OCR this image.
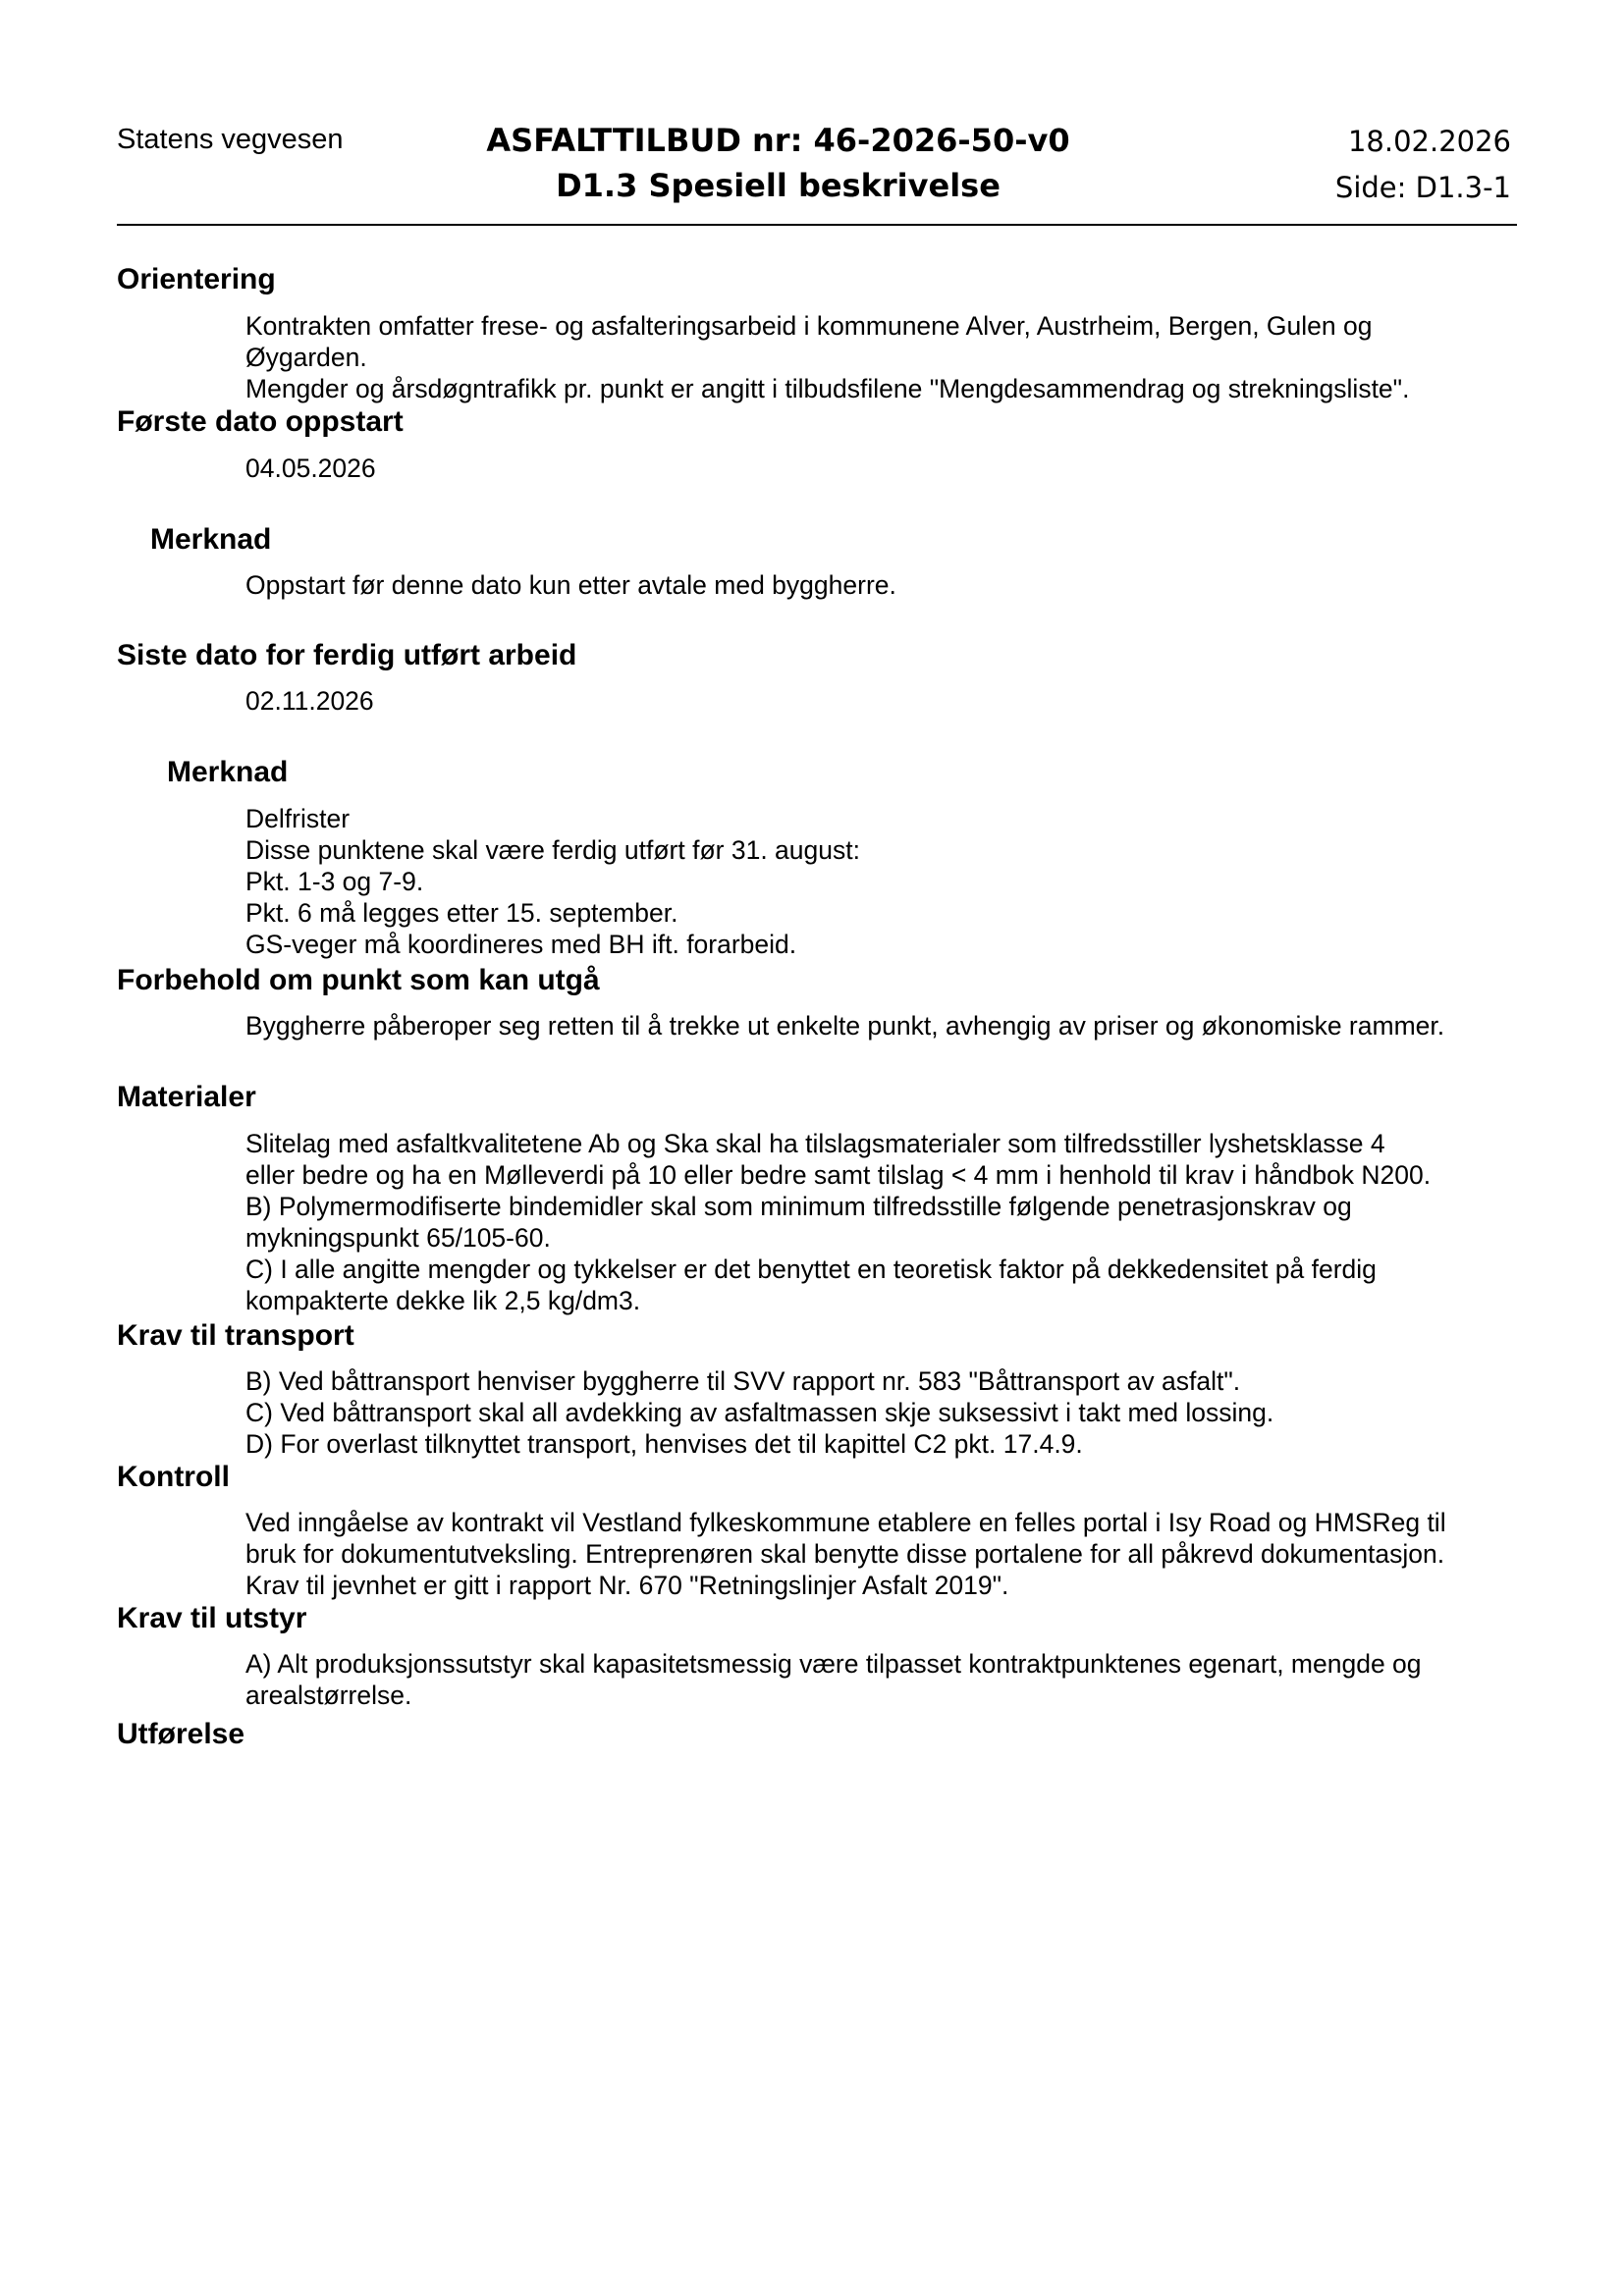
Statens vegvesen	ASFALTTILBUD nr: 46-2026-50-v0
D1.3 Spesiell beskrivelse
18.02.2026
Side: D1.3-1
Orientering
Kontrakten omfatter frese- og asfalteringsarbeid i kommunene Alver, Austrheim, Bergen, Gulen og
Øygarden.
Mengder og årsdøgntrafikk pr. punkt er angitt i tilbudsfilene "Mengdesammendrag og strekningsliste".
Første dato oppstart
04.05.2026
Merknad
Oppstart før denne dato kun etter avtale med byggherre.
Siste dato for ferdig utført arbeid
02.11.2026
Merknad
Delfrister
Disse punktene skal være ferdig utført før 31. august:
Pkt. 1-3 og 7-9.
Pkt. 6 må legges etter 15. september.
GS-veger må koordineres med BH ift. forarbeid.
Forbehold om punkt som kan utgå
Byggherre påberoper seg retten til å trekke ut enkelte punkt, avhengig av priser og økonomiske rammer.
Materialer
Slitelag med asfaltkvalitetene Ab og Ska skal ha tilslagsmaterialer som tilfredsstiller lyshetsklasse 4
eller bedre og ha en Mølleverdi på 10 eller bedre samt tilslag < 4 mm i henhold til krav i håndbok N200.
B) Polymermodifiserte bindemidler skal som minimum tilfredsstille følgende penetrasjonskrav og
mykningspunkt 65/105-60.
C) I alle angitte mengder og tykkelser er det benyttet en teoretisk faktor på dekkedensitet på ferdig
kompakterte dekke lik 2,5 kg/dm3.
Krav til transport
B) Ved båttransport henviser byggherre til SVV rapport nr. 583 "Båttransport av asfalt".
C) Ved båttransport skal all avdekking av asfaltmassen skje suksessivt i takt med lossing.
D) For overlast tilknyttet transport, henvises det til kapittel C2 pkt. 17.4.9.
Kontroll
Ved inngåelse av kontrakt vil Vestland fylkeskommune etablere en felles portal i Isy Road og HMSReg til
bruk for dokumentutveksling. Entreprenøren skal benytte disse portalene for all påkrevd dokumentasjon.
Krav til jevnhet er gitt i rapport Nr. 670 "Retningslinjer Asfalt 2019".
Krav til utstyr
A) Alt produksjonssutstyr skal kapasitetsmessig være tilpasset kontraktpunktenes egenart, mengde og
arealstørrelse.
Utførelse
